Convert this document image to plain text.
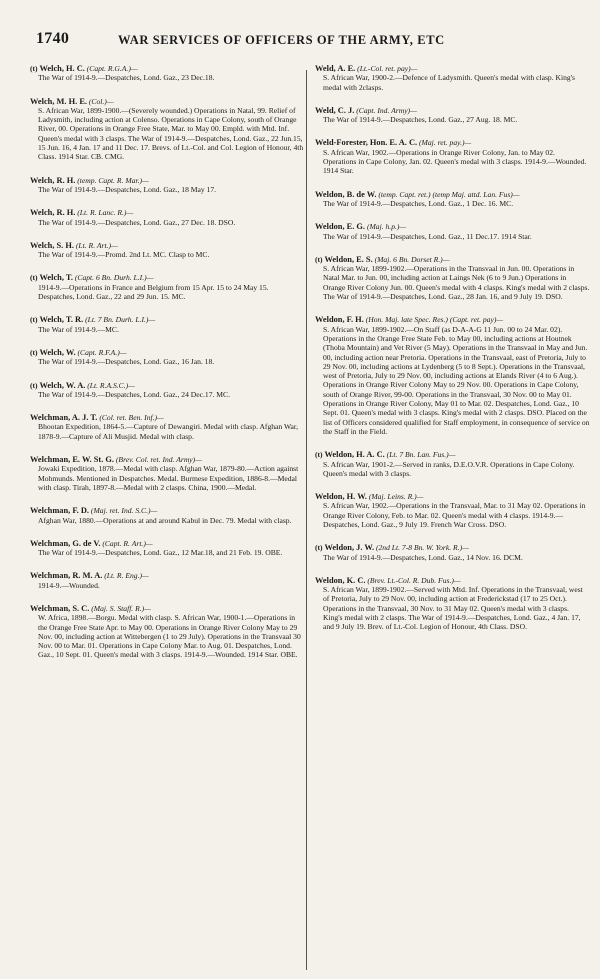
1740	WAR SERVICES OF OFFICERS OF THE ARMY, ETC
(t) Welch, H. C. (Capt. R.G.A.)—
The War of 1914-9.—Despatches, Lond. Gaz., 23 Dec.18.
Welch, M. H. E. (Col.)—
S. African War, 1899-1900.—(Severely wounded.) Operations in Natal, 99. Relief of Ladysmith, including action at Colenso. Operations in Cape Colony, south of Orange River, 00. Operations in Orange Free State, Mar. to May 00. Empld. with Mtd. Inf. Queen's medal with 3 clasps. The War of 1914-9.—Despatches, Lond. Gaz., 22 Jun.15, 15 Jun. 16, 4 Jan. 17 and 11 Dec. 17. Brevs. of Lt.-Col. and Col. Legion of Honour, 4th Class. 1914 Star. CB. CMG.
Welch, R. H. (temp. Capt. R. Mar.)—
The War of 1914-9.—Despatches, Lond. Gaz., 18 May 17.
Welch, R. H. (Lt. R. Lanc. R.)—
The War of 1914-9.—Despatches, Lond. Gaz., 27 Dec. 18. DSO.
Welch, S. H. (Lt. R. Art.)—
The War of 1914-9.—Promd. 2nd Lt. MC. Clasp to MC.
(t) Welch, T. (Capt. 6 Bn. Durh. L.I.)—
1914-9.—Operations in France and Belgium from 15 Apr. 15 to 24 May 15. Despatches, Lond. Gaz., 22 and 29 Jun. 15. MC.
(t) Welch, T. R. (Lt. 7 Bn. Durh. L.I.)—
The War of 1914-9.—MC.
(t) Welch, W. (Capt. R.F.A.)—
The War of 1914-9.—Despatches, Lond. Gaz., 16 Jan. 18.
(t) Welch, W. A. (Lt. R.A.S.C.)—
The War of 1914-9.—Despatches, Lond. Gaz., 24 Dec.17. MC.
Welchman, A. J. T. (Col. ret. Ben. Inf.)—
Bhootan Expedition, 1864-5.—Capture of Dewangiri. Medal with clasp. Afghan War, 1878-9.—Capture of Ali Musjid. Medal with clasp.
Welchman, E. W. St. G. (Brev. Col. ret. Ind. Army)—
Jowaki Expedition, 1878.—Medal with clasp. Afghan War, 1879-80.—Action against Mohmunds. Mentioned in Despatches. Medal. Burmese Expedition, 1886-8.—Medal with clasp. Tirah, 1897-8.—Medal with 2 clasps. China, 1900.—Medal.
Welchman, F. D. (Maj. ret. Ind. S.C.)—
Afghan War, 1880.—Operations at and around Kabul in Dec. 79. Medal with clasp.
Welchman, G. de V. (Capt. R. Art.)—
The War of 1914-9.—Despatches, Lond. Gaz., 12 Mar.18, and 21 Feb. 19. OBE.
Welchman, R. M. A. (Lt. R. Eng.)—
1914-9.—Wounded.
Welchman, S. C. (Maj. S. Staff. R.)—
W. Africa, 1898.—Borgu. Medal with clasp. S. African War, 1900-1.—Operations in the Orange Free State Apr. to May 00. Operations in Orange River Colony May to 29 Nov. 00, including action at Wittebergen (1 to 29 July). Operations in the Transvaal 30 Nov. 00 to Mar. 01. Operations in Cape Colony Mar. to Aug. 01. Despatches, Lond. Gaz., 10 Sept. 01. Queen's medal with 3 clasps. 1914-9.—Wounded. 1914 Star. OBE.
Weld, A. E. (Lt.-Col. ret. pay)—
S. African War, 1900-2.—Defence of Ladysmith. Queen's medal with clasp. King's medal with 2clasps.
Weld, C. J. (Capt. Ind. Army)—
The War of 1914-9.—Despatches, Lond. Gaz., 27 Aug. 18. MC.
Weld-Forester, Hon. E. A. C. (Maj. ret. pay.)—
S. African War, 1902.—Operations in Orange River Colony, Jan. to May 02. Operations in Cape Colony, Jan. 02. Queen's medal with 3 clasps. 1914-9.—Wounded. 1914 Star.
Weldon, B. de W. (temp. Capt. ret.) (temp Maj. attd. Lan. Fus)—
The War of 1914-9.—Despatches, Lond. Gaz., 1 Dec. 16. MC.
Weldon, E. G. (Maj. h.p.)—
The War of 1914-9.—Despatches, Lond. Gaz., 11 Dec.17. 1914 Star.
(t) Weldon, E. S. (Maj. 6 Bn. Dorset R.)—
S. African War, 1899-1902.—Operations in the Transvaal in Jun. 00. Operations in Natal Mar. to Jun. 00, including action at Laings Nek (6 to 9 Jun.) Operations in Orange River Colony Jun. 00. Queen's medal with 4 clasps. King's medal with 2 clasps. The War of 1914-9.—Despatches, Lond. Gaz., 28 Jan. 16, and 9 July 19. DSO.
Weldon, F. H. (Hon. Maj. late Spec. Res.) (Capt. ret. pay)—
S. African War, 1899-1902.—On Staff (as D-A-A-G 11 Jun. 00 to 24 Mar. 02). Operations in the Orange Free State Feb. to May 00, including actions at Houtnek (Thoba Mountain) and Vet River (5 May). Operations in the Transvaal in May and Jun. 00, including action near Pretoria. Operations in the Transvaal, east of Pretoria, July to 29 Nov. 00, including actions at Lydenberg (5 to 8 Sept.). Operations in the Transvaal, west of Pretoria, July to 29 Nov. 00, including actions at Elands River (4 to 6 Aug.). Operations in Orange River Colony May to 29 Nov. 00. Operations in Cape Colony, south of Orange River, 99-00. Operations in the Transvaal, 30 Nov. 00 to May 01. Operations in Orange River Colony, May 01 to Mar. 02. Despatches, Lond. Gaz., 10 Sept. 01. Queen's medal with 3 clasps. King's medal with 2 clasps. DSO. Placed on the list of Officers considered qualified for Staff employment, in consequence of service on the Staff in the Field.
(t) Weldon, H. A. C. (Lt. 7 Bn. Lan. Fus.)—
S. African War, 1901-2.—Served in ranks, D.E.O.V.R. Operations in Cape Colony. Queen's medal with 3 clasps.
Weldon, H. W. (Maj. Leins. R.)—
S. African War, 1902.—Operations in the Transvaal, Mar. to 31 May 02. Operations in Orange River Colony, Feb. to Mar. 02. Queen's medal with 4 clasps. 1914-9.—Despatches, Lond. Gaz., 9 July 19. French War Cross. DSO.
(t) Weldon, J. W. (2nd Lt. 7-8 Bn. W. York. R.)—
The War of 1914-9.—Despatches, Lond. Gaz., 14 Nov. 16. DCM.
Weldon, K. C. (Brev. Lt.-Col. R. Dub. Fus.)—
S. African War, 1899-1902.—Served with Mtd. Inf. Operations in the Transvaal, west of Pretoria, July to 29 Nov. 00, including action at Frederickstad (17 to 25 Oct.). Operations in the Transvaal, 30 Nov. to 31 May 02. Queen's medal with 3 clasps. King's medal with 2 clasps. The War of 1914-9.—Despatches, Lond. Gaz., 4 Jan. 17, and 9 July 19. Brev. of Lt.-Col. Legion of Honour, 4th Class. DSO.
